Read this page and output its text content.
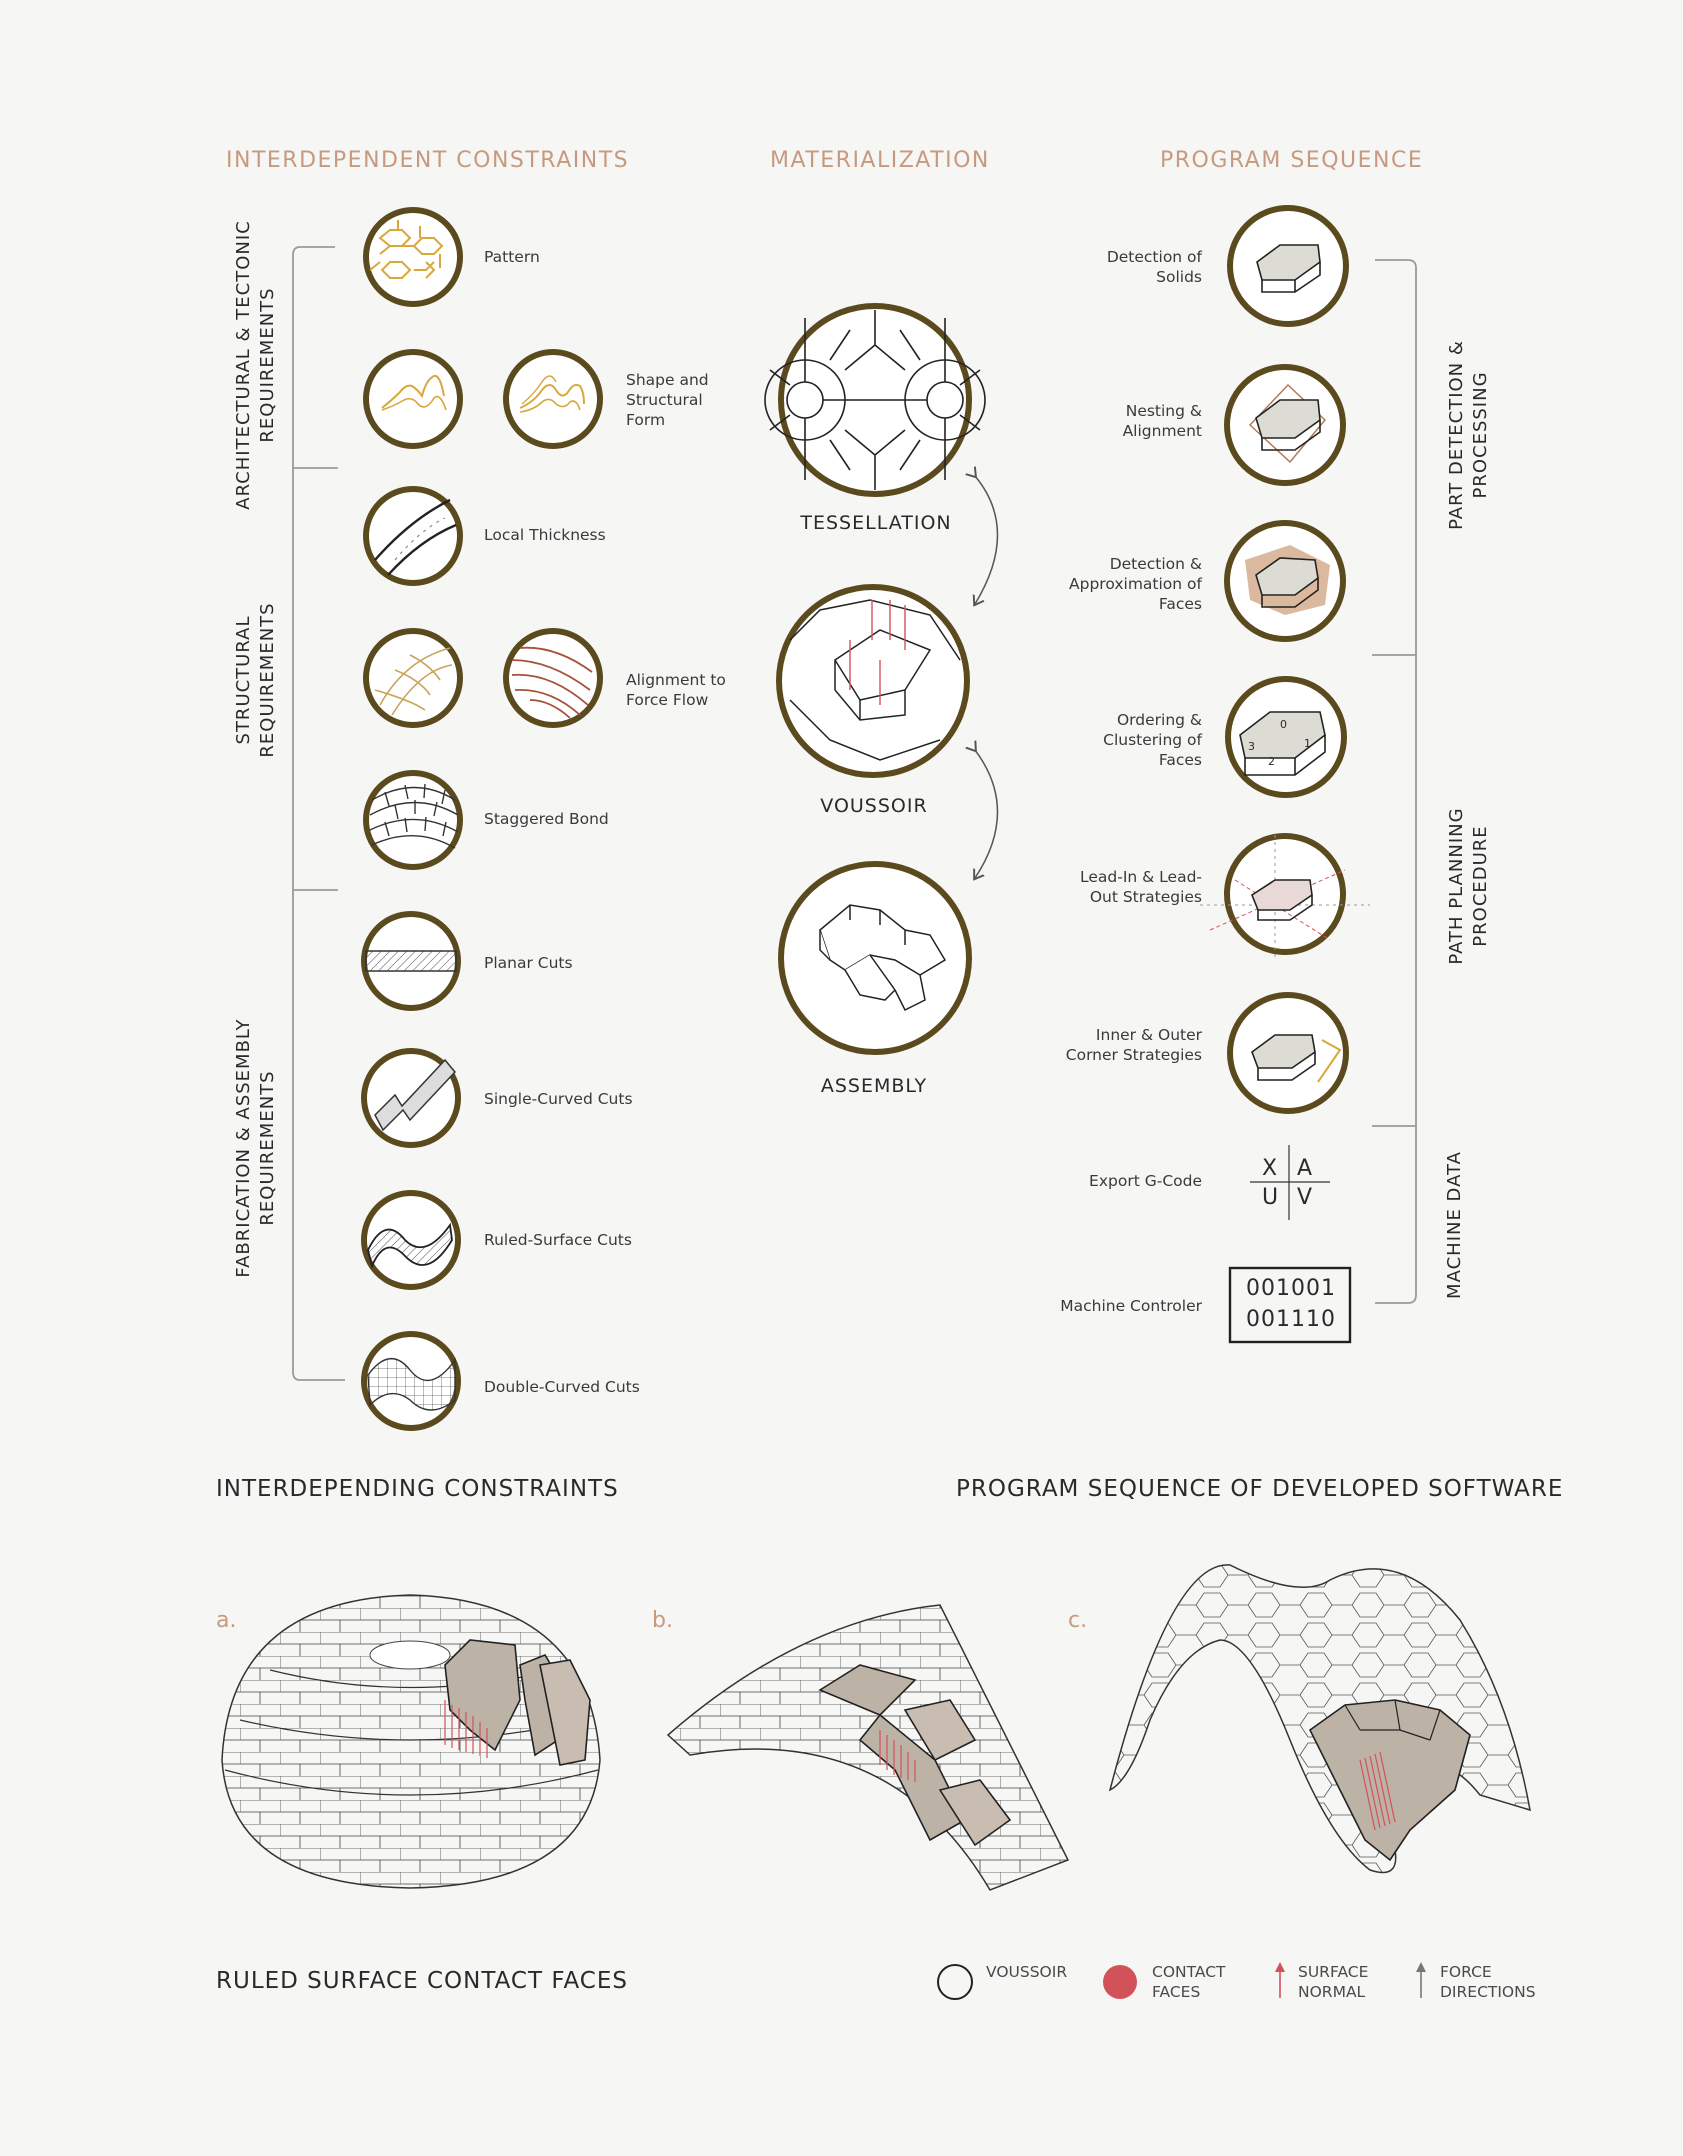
INTERDEPENDENT CONSTRAINTS	MATERIALIZATION	PROGRAM SEQUENCE
Pattern
Shape and Structural Form
Local Thickness
Alignment to Force Flow
Staggered Bond
Planar Cuts
Single-Curved Cuts
Ruled-Surface Cuts
Double-Curved Cuts
ARCHITECTURAL & TECTONIC REQUIREMENTS
STRUCTURAL REQUIREMENTS
FABRICATION & ASSEMBLY REQUIREMENTS
TESSELLATION
VOUSSOIR
ASSEMBLY
Detection of Solids
Nesting & Alignment
Detection & Approximation of Faces
Ordering & Clustering of Faces
Lead-In & Lead-Out Strategies
Inner & Outer Corner Strategies
Export G-Code
Machine Controler
0
1
2
3
X A
U V
001001
001110
PART DETECTION & PROCESSING
PATH PLANNING PROCEDURE
MACHINE DATA
INTERDEPENDING CONSTRAINTS	PROGRAM SEQUENCE OF DEVELOPED SOFTWARE
a.	b.	c.
RULED SURFACE CONTACT FACES	VOUSSOIR	CONTACT FACES
SURFACE NORMAL
FORCE DIRECTIONS
